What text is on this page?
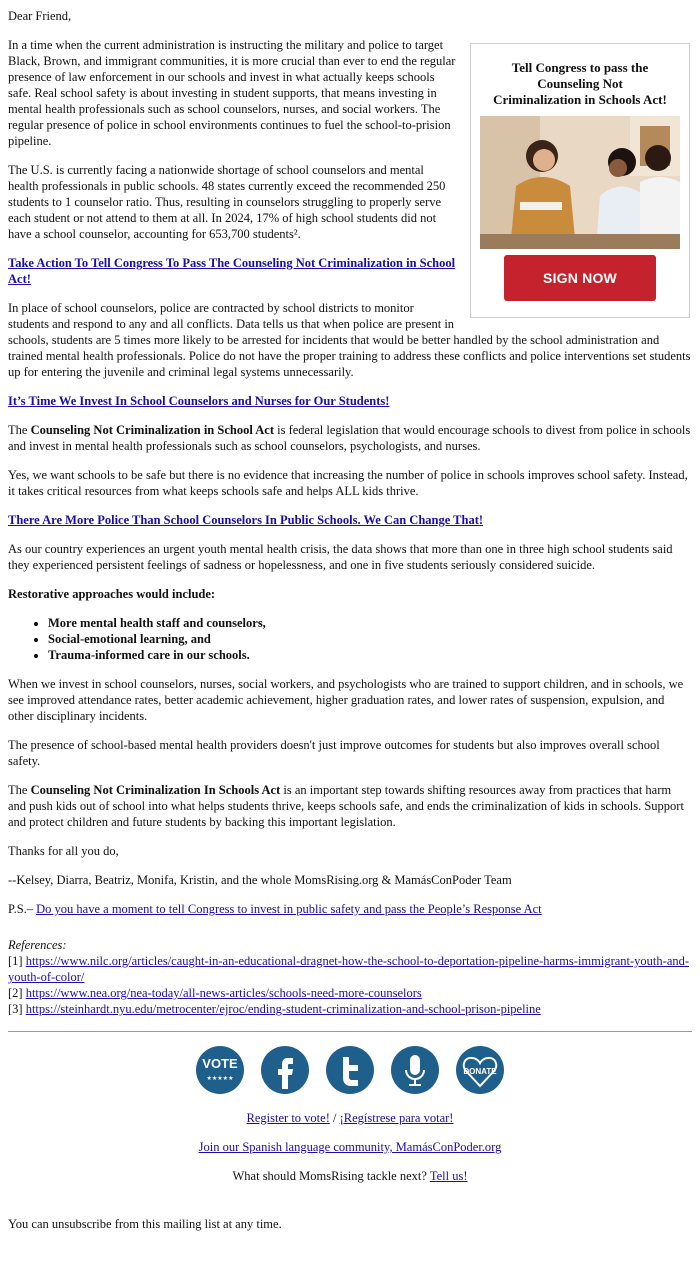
Dear Friend,

Tell Congress to pass the Counseling Not Criminalization in Schools Act!
SIGN NOW

In a time when the current administration is instructing the military and police to target Black, Brown, and immigrant communities, it is more crucial than ever to end the regular presence of law enforcement in our schools and invest in what actually keeps schools safe. Real school safety is about investing in student supports, that means investing in mental health professionals such as school counselors, nurses, and social workers. The regular presence of police in school environments continues to fuel the school-to-prision pipeline.

The U.S. is currently facing a nationwide shortage of school counselors and mental health professionals in public schools. 48 states currently exceed the recommended 250 students to 1 counselor ratio. Thus, resulting in counselors struggling to properly serve each student or not attend to them at all. In 2024, 17% of high school students did not have a school counselor, accounting for 653,700 students².

Take Action To Tell Congress To Pass The Counseling Not Criminalization in School Act!

In place of school counselors, police are contracted by school districts to monitor students and respond to any and all conflicts. Data tells us that when police are present in schools, students are 5 times more likely to be arrested for incidents that would be better handled by the school administration and trained mental health professionals. Police do not have the proper training to address these conflicts and police interventions set students up for entering the juvenile and criminal legal systems unnecessarily.

It’s Time We Invest In School Counselors and Nurses for Our Students!

The Counseling Not Criminalization in School Act is federal legislation that would encourage schools to divest from police in schools and invest in mental health professionals such as school counselors, psychologists, and nurses.

Yes, we want schools to be safe but there is no evidence that increasing the number of police in schools improves school safety. Instead, it takes critical resources from what keeps schools safe and helps ALL kids thrive.

There Are More Police Than School Counselors In Public Schools. We Can Change That!

As our country experiences an urgent youth mental health crisis, the data shows that more than one in three high school students said they experienced persistent feelings of sadness or hopelessness, and one in five students seriously considered suicide.

Restorative approaches would include:

• More mental health staff and counselors,
• Social-emotional learning, and
• Trauma-informed care in our schools.

When we invest in school counselors, nurses, social workers, and psychologists who are trained to support children, and in schools, we see improved attendance rates, better academic achievement, higher graduation rates, and lower rates of suspension, expulsion, and other disciplinary incidents.

The presence of school-based mental health providers doesn't just improve outcomes for students but also improves overall school safety.

The Counseling Not Criminalization In Schools Act is an important step towards shifting resources away from practices that harm and push kids out of school into what helps students thrive, keeps schools safe, and ends the criminalization of kids in schools. Support and protect children and future students by backing this important legislation.

Thanks for all you do,

--Kelsey, Diarra, Beatriz, Monifa, Kristin, and the whole MomsRising.org & MamásConPoder Team

P.S.– Do you have a moment to tell Congress to invest in public safety and pass the People’s Response Act

References:
[1] https://www.nilc.org/articles/caught-in-an-educational-dragnet-how-the-school-to-deportation-pipeline-harms-immigrant-youth-and-youth-of-color/
[2] https://www.nea.org/nea-today/all-news-articles/schools-need-more-counselors
[3] https://steinhardt.nyu.edu/metrocenter/ejroc/ending-student-criminalization-and-school-prison-pipeline
VOTE
★★★★★

DONATE

Register to vote! / ¡Regístrese para votar!

Join our Spanish language community, MamásConPoder.org

What should MomsRising tackle next? Tell us!

You can unsubscribe from this mailing list at any time.
